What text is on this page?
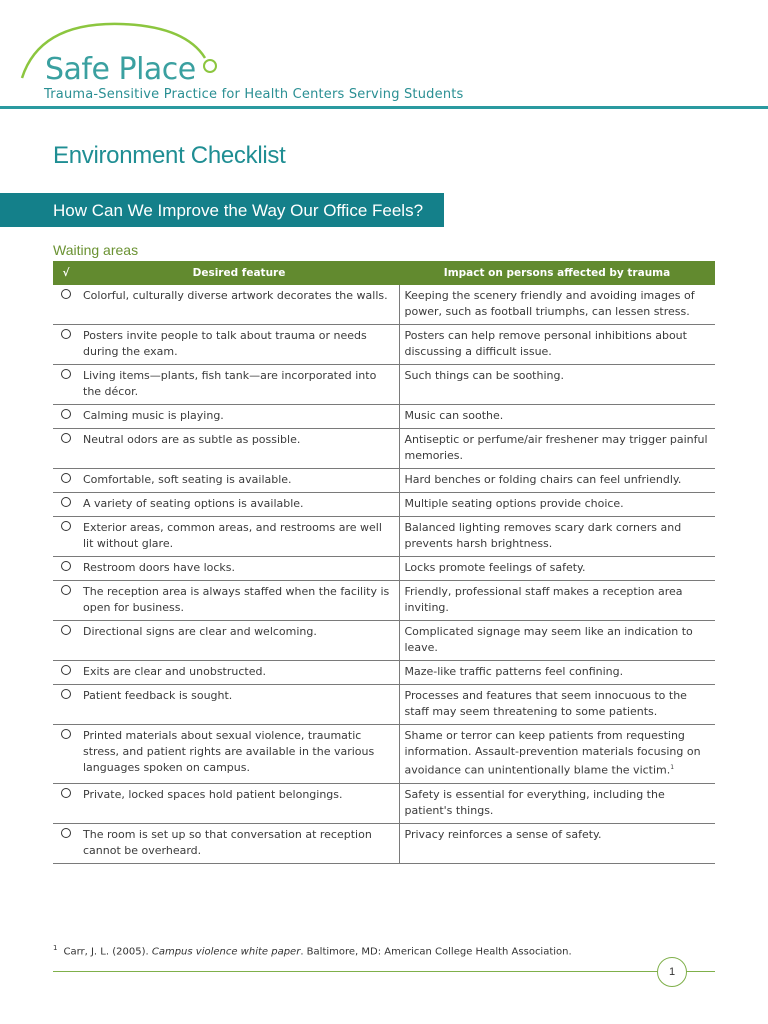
Safe Place
Trauma-Sensitive Practice for Health Centers Serving Students
Environment Checklist
How Can We Improve the Way Our Office Feels?
Waiting areas
√	Desired feature	Impact on persons affected by trauma
	Colorful, culturally diverse artwork decorates the walls.	Keeping the scenery friendly and avoiding images of power, such as football triumphs, can lessen stress.
	Posters invite people to talk about trauma or needs during the exam.	Posters can help remove personal inhibitions about discussing a difficult issue.
	Living items—plants, fish tank—are incorporated into the décor.	Such things can be soothing.
	Calming music is playing.	Music can soothe.
	Neutral odors are as subtle as possible.	Antiseptic or perfume/air freshener may trigger painful memories.
	Comfortable, soft seating is available.	Hard benches or folding chairs can feel unfriendly.
	A variety of seating options is available.	Multiple seating options provide choice.
	Exterior areas, common areas, and restrooms are well lit without glare.	Balanced lighting removes scary dark corners and prevents harsh brightness.
	Restroom doors have locks.	Locks promote feelings of safety.
	The reception area is always staffed when the facility is open for business.	Friendly, professional staff makes a reception area inviting.
	Directional signs are clear and welcoming.	Complicated signage may seem like an indication to leave.
	Exits are clear and unobstructed.	Maze-like traffic patterns feel confining.
	Patient feedback is sought.	Processes and features that seem innocuous to the staff may seem threatening to some patients.
	Printed materials about sexual violence, traumatic stress, and patient rights are available in the various languages spoken on campus.	Shame or terror can keep patients from requesting information. Assault-prevention materials focusing on avoidance can unintentionally blame the victim.$^1$
	Private, locked spaces hold patient belongings.	Safety is essential for everything, including the patient's things.
	The room is set up so that conversation at reception cannot be overheard.	Privacy reinforces a sense of safety.
$^1$ Carr, J. L. (2005). Campus violence white paper. Baltimore, MD: American College Health Association.
1
